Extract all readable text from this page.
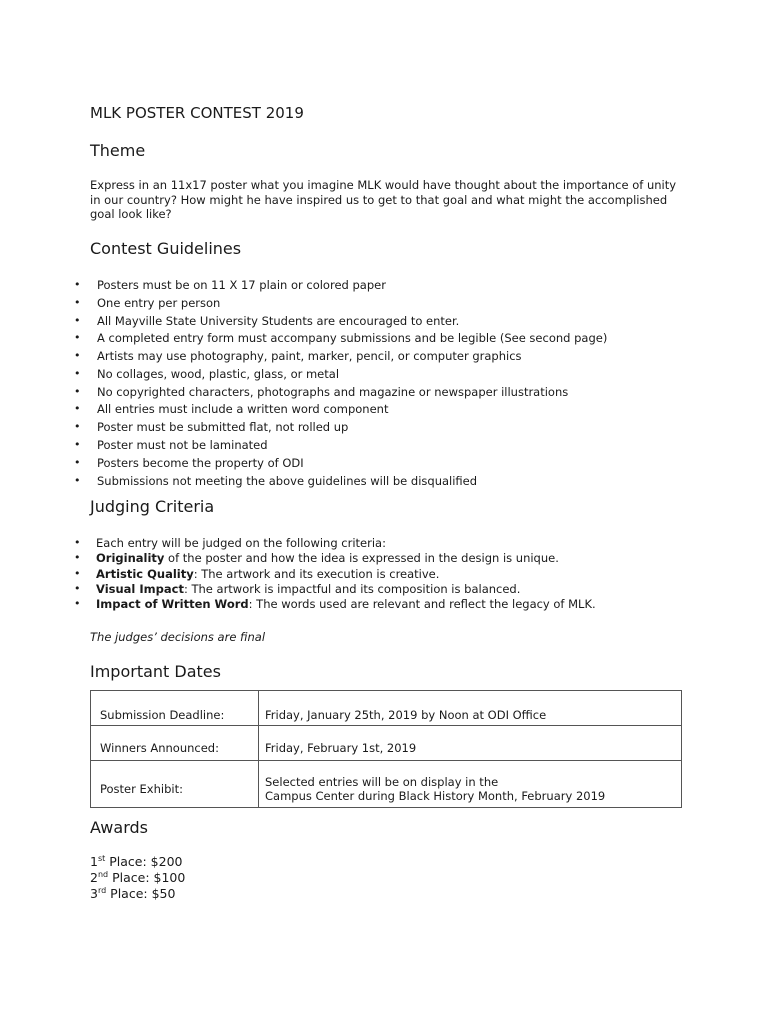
MLK POSTER CONTEST 2019
Theme
Express in an 11x17 poster what you imagine MLK would have thought about the importance of unity
in our country? How might he have inspired us to get to that goal and what might the accomplished
goal look like?
Contest Guidelines
• Posters must be on 11 X 17 plain or colored paper
• One entry per person
• All Mayville State University Students are encouraged to enter.
• A completed entry form must accompany submissions and be legible (See second page)
• Artists may use photography, paint, marker, pencil, or computer graphics
• No collages, wood, plastic, glass, or metal
• No copyrighted characters, photographs and magazine or newspaper illustrations
• All entries must include a written word component
• Poster must be submitted flat, not rolled up
• Poster must not be laminated
• Posters become the property of ODI
• Submissions not meeting the above guidelines will be disqualified
Judging Criteria
• Each entry will be judged on the following criteria:
• Originality of the poster and how the idea is expressed in the design is unique.
• Artistic Quality: The artwork and its execution is creative.
• Visual Impact: The artwork is impactful and its composition is balanced.
• Impact of Written Word: The words used are relevant and reflect the legacy of MLK.
The judges’ decisions are final
Important Dates
Submission Deadline:	Friday, January 25th, 2019 by Noon at ODI Office
Winners Announced:	Friday, February 1st, 2019
Poster Exhibit:	Selected entries will be on display in the
Campus Center during Black History Month, February 2019
Awards
1st Place: $200
2nd Place: $100
3rd Place: $50
